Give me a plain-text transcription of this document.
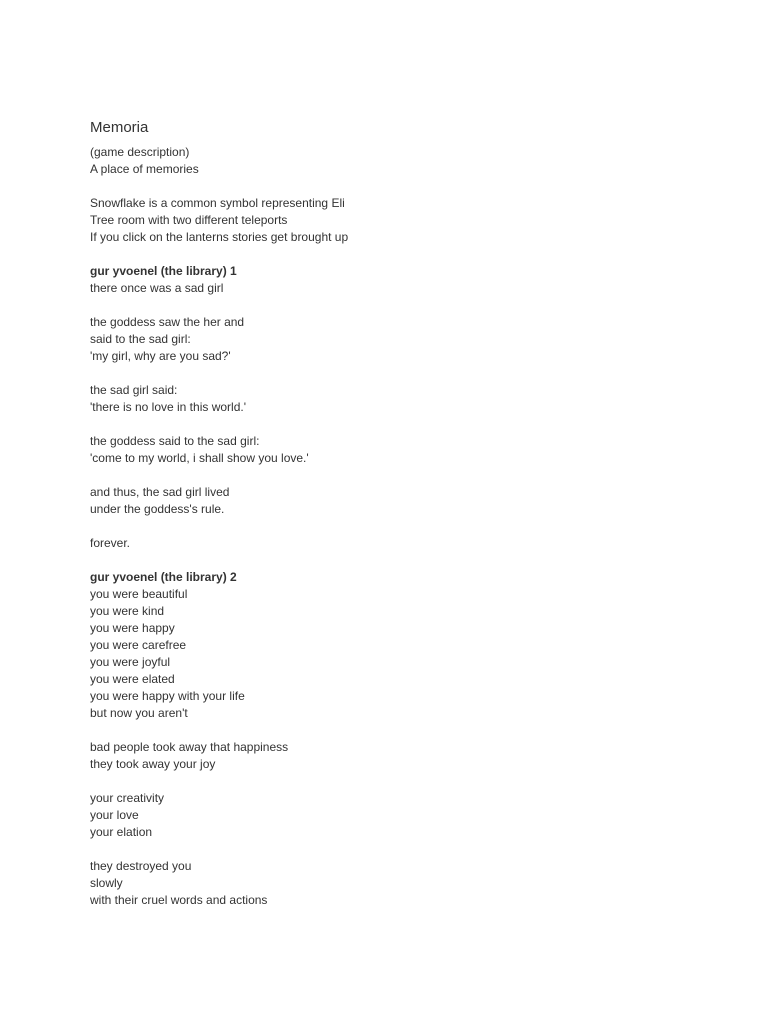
Memoria

(game description)

A place of memories

Snowflake is a common symbol representing Eli

Tree room with two different teleports

If you click on the lanterns stories get brought up

gur yvoenel (the library) 1

there once was a sad girl

the goddess saw the her and

said to the sad girl:

'my girl, why are you sad?'

the sad girl said:

'there is no love in this world.'

the goddess said to the sad girl:

'come to my world, i shall show you love.'

and thus, the sad girl lived

under the goddess's rule.

forever.

gur yvoenel (the library) 2

you were beautiful

you were kind

you were happy

you were carefree

you were joyful

you were elated

you were happy with your life

but now you aren't

bad people took away that happiness

they took away your joy

your creativity

your love

your elation

they destroyed you

slowly

with their cruel words and actions
